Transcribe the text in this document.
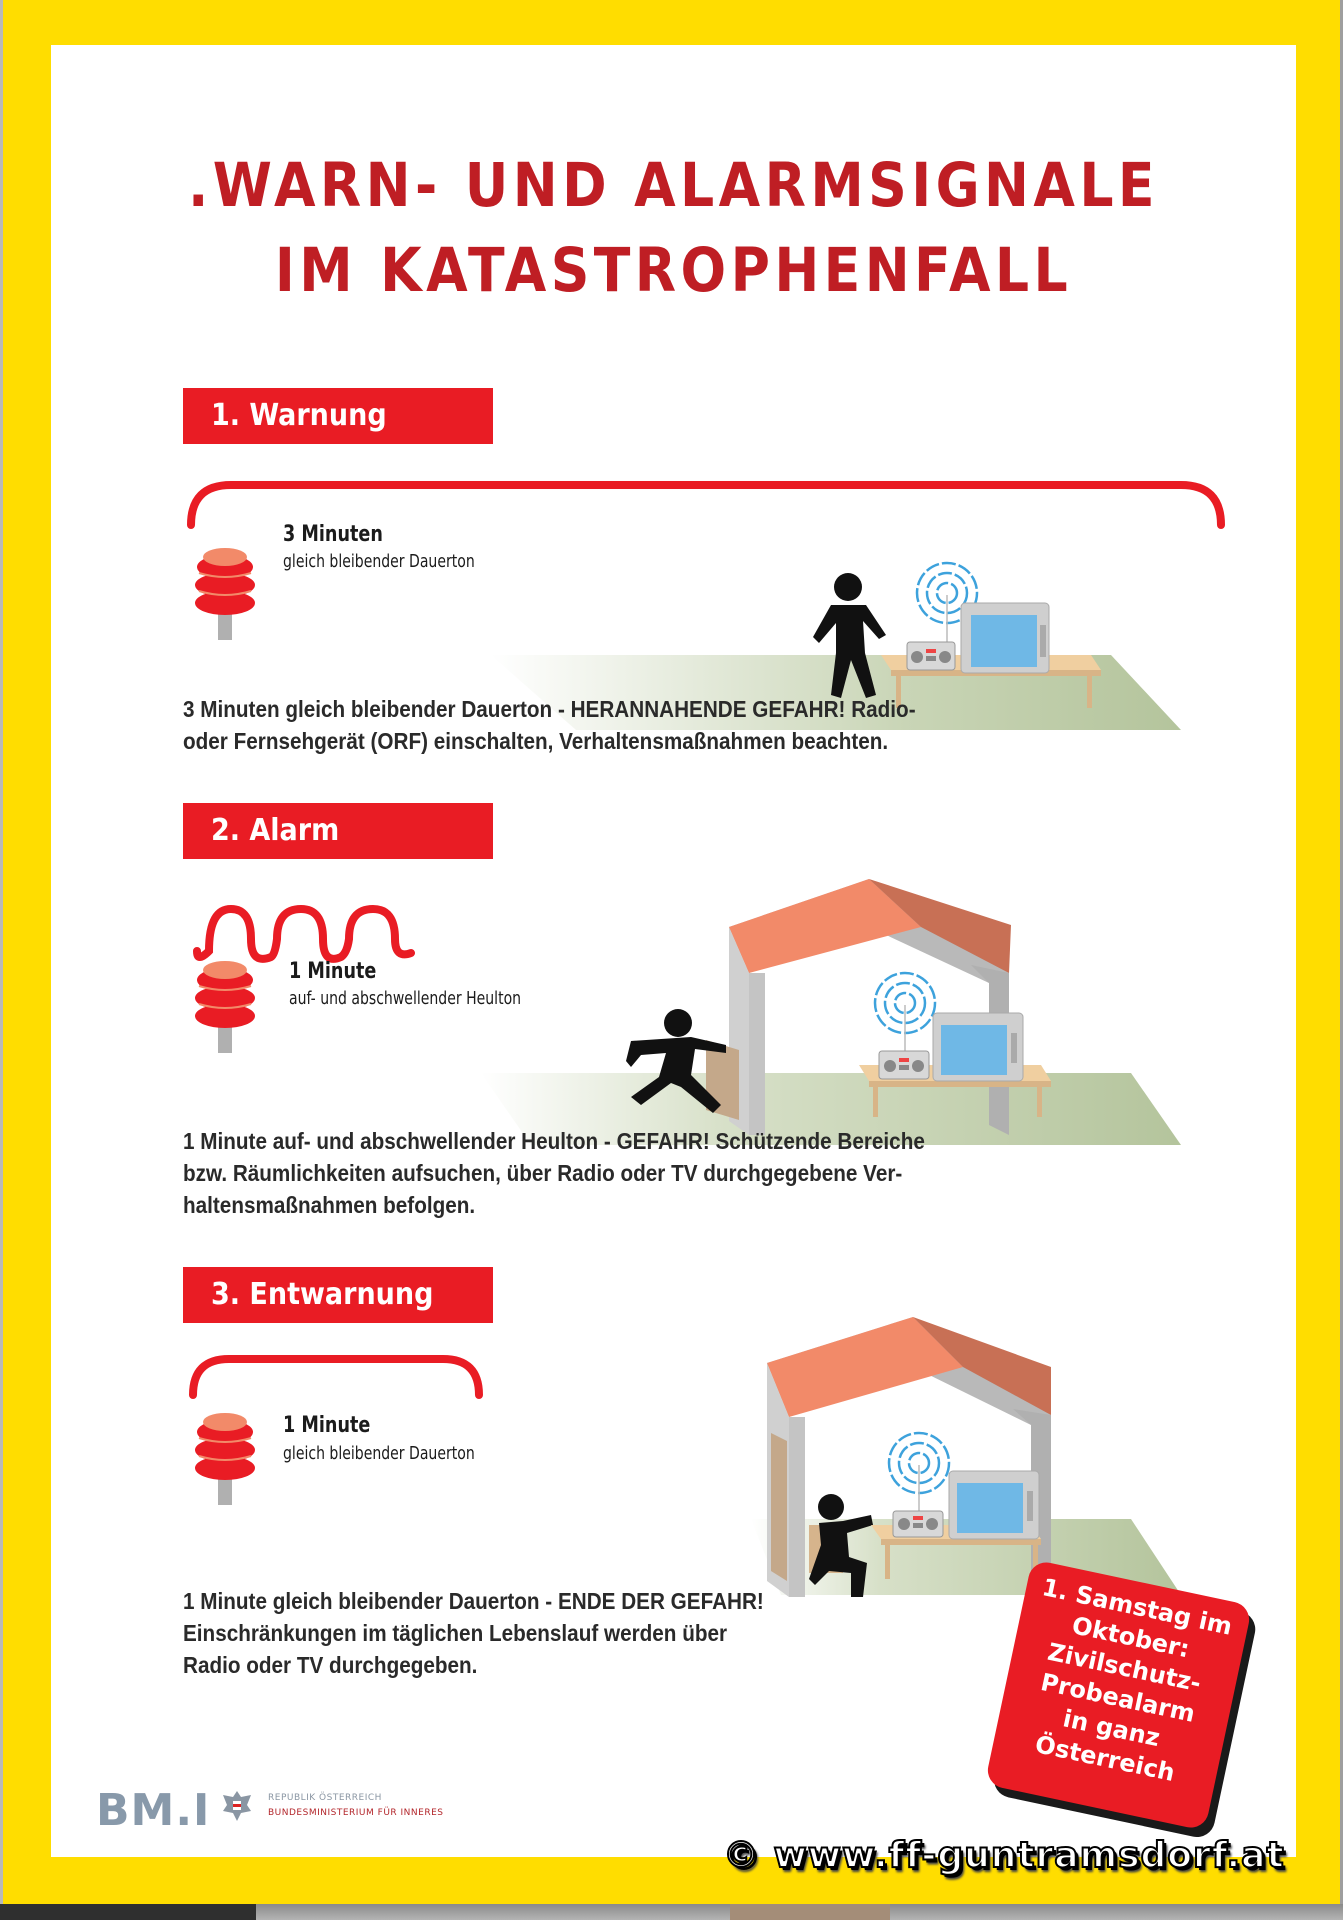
.WARN- UND ALARMSIGNALE
IM KATASTROPHENFALL
1. Warnung
3 Minuten
gleich bleibender Dauerton
3 Minuten gleich bleibender Dauerton - HERANNAHENDE GEFAHR! Radio-
oder Fernsehgerät (ORF) einschalten, Verhaltensmaßnahmen beachten.
2. Alarm
1 Minute
auf- und abschwellender Heulton
1 Minute auf- und abschwellender Heulton - GEFAHR! Schützende Bereiche
bzw. Räumlichkeiten aufsuchen, über Radio oder TV durchgegebene Ver-
haltensmaßnahmen befolgen.
3. Entwarnung
1 Minute
gleich bleibender Dauerton
1 Minute gleich bleibender Dauerton - ENDE DER GEFAHR!
Einschränkungen im täglichen Lebenslauf werden über
Radio oder TV durchgegeben.
1. Samstag im
Oktober:
Zivilschutz-
Probealarm
in ganz
Österreich
BM.I	REPUBLIK ÖSTERREICH
BUNDESMINISTERIUM FÜR INNERES
© www.ff-guntramsdorf.at
